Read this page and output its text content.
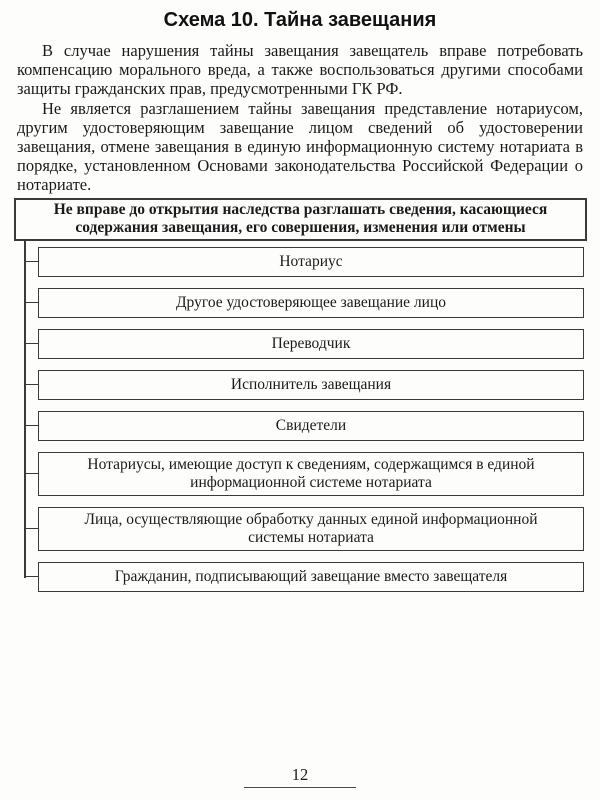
Схема 10. Тайна завещания

В случае нарушения тайны завещания завещатель вправе потребовать компенсацию морального вреда, а также воспользоваться другими способами защиты гражданских прав, предусмотренными ГК РФ.

Не является разглашением тайны завещания представление нотариусом, другим удостоверяющим завещание лицом сведений об удостоверении завещания, отмене завещания в единую информационную систему нотариата в порядке, установленном Основами законодательства Российской Федерации о нотариате.

Не вправе до открытия наследства разглашать сведения, касающиеся содержания завещания, его совершения, изменения или отмены
Нотариус
Другое удостоверяющее завещание лицо
Переводчик
Исполнитель завещания
Свидетели
Нотариусы, имеющие доступ к сведениям, содержащимся в единой информационной системе нотариата
Лица, осуществляющие обработку данных единой информационной системы нотариата
Гражданин, подписывающий завещание вместо завещателя
12
